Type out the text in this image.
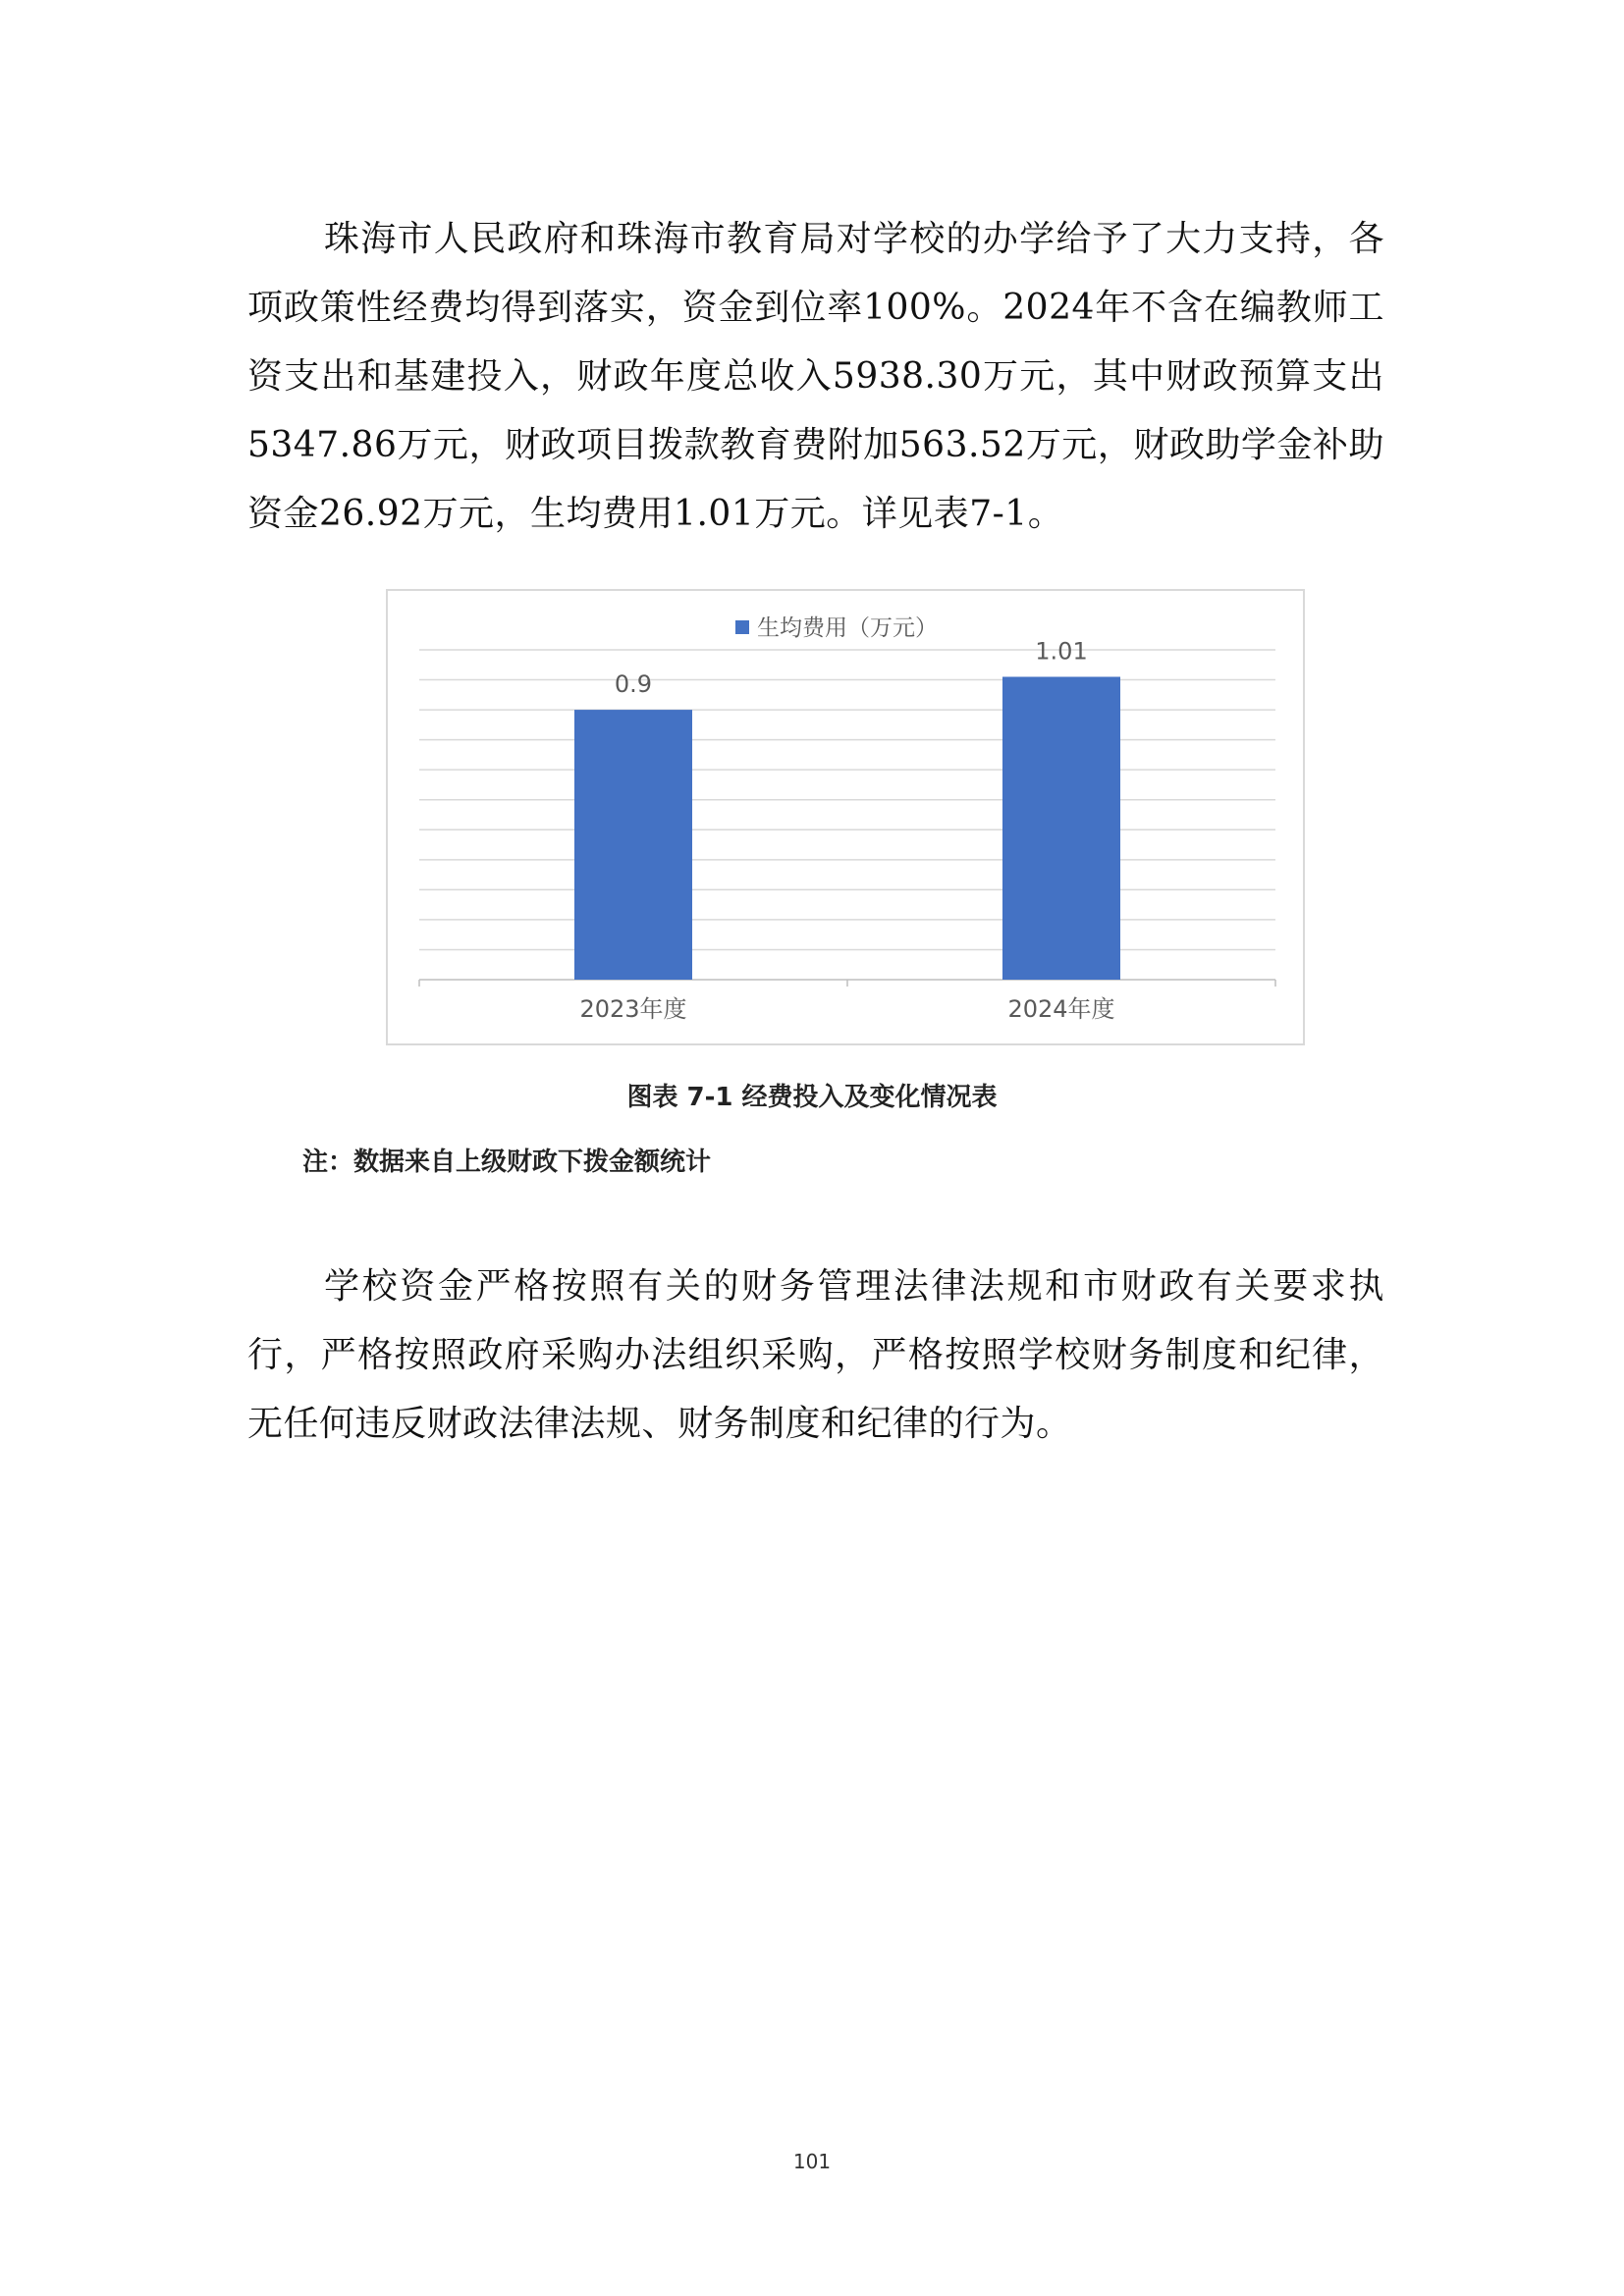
珠海市人民政府和珠海市教育局对学校的办学给予了大力支持，各项政策性经费均得到落实，资金到位率100%。2024年不含在编教师工资支出和基建投入，财政年度总收入5938.30万元，其中财政预算支出5347.86万元，财政项目拨款教育费附加563.52万元，财政助学金补助资金26.92万元，生均费用1.01万元。详见表7-1。

0.9
2023年度
1.01
2024年度
生均费用（万元）
图表 7-1 经费投入及变化情况表
注：数据来自上级财政下拨金额统计

学校资金严格按照有关的财务管理法律法规和市财政有关要求执行，严格按照政府采购办法组织采购，严格按照学校财务制度和纪律，无任何违反财政法律法规、财务制度和纪律的行为。

101
